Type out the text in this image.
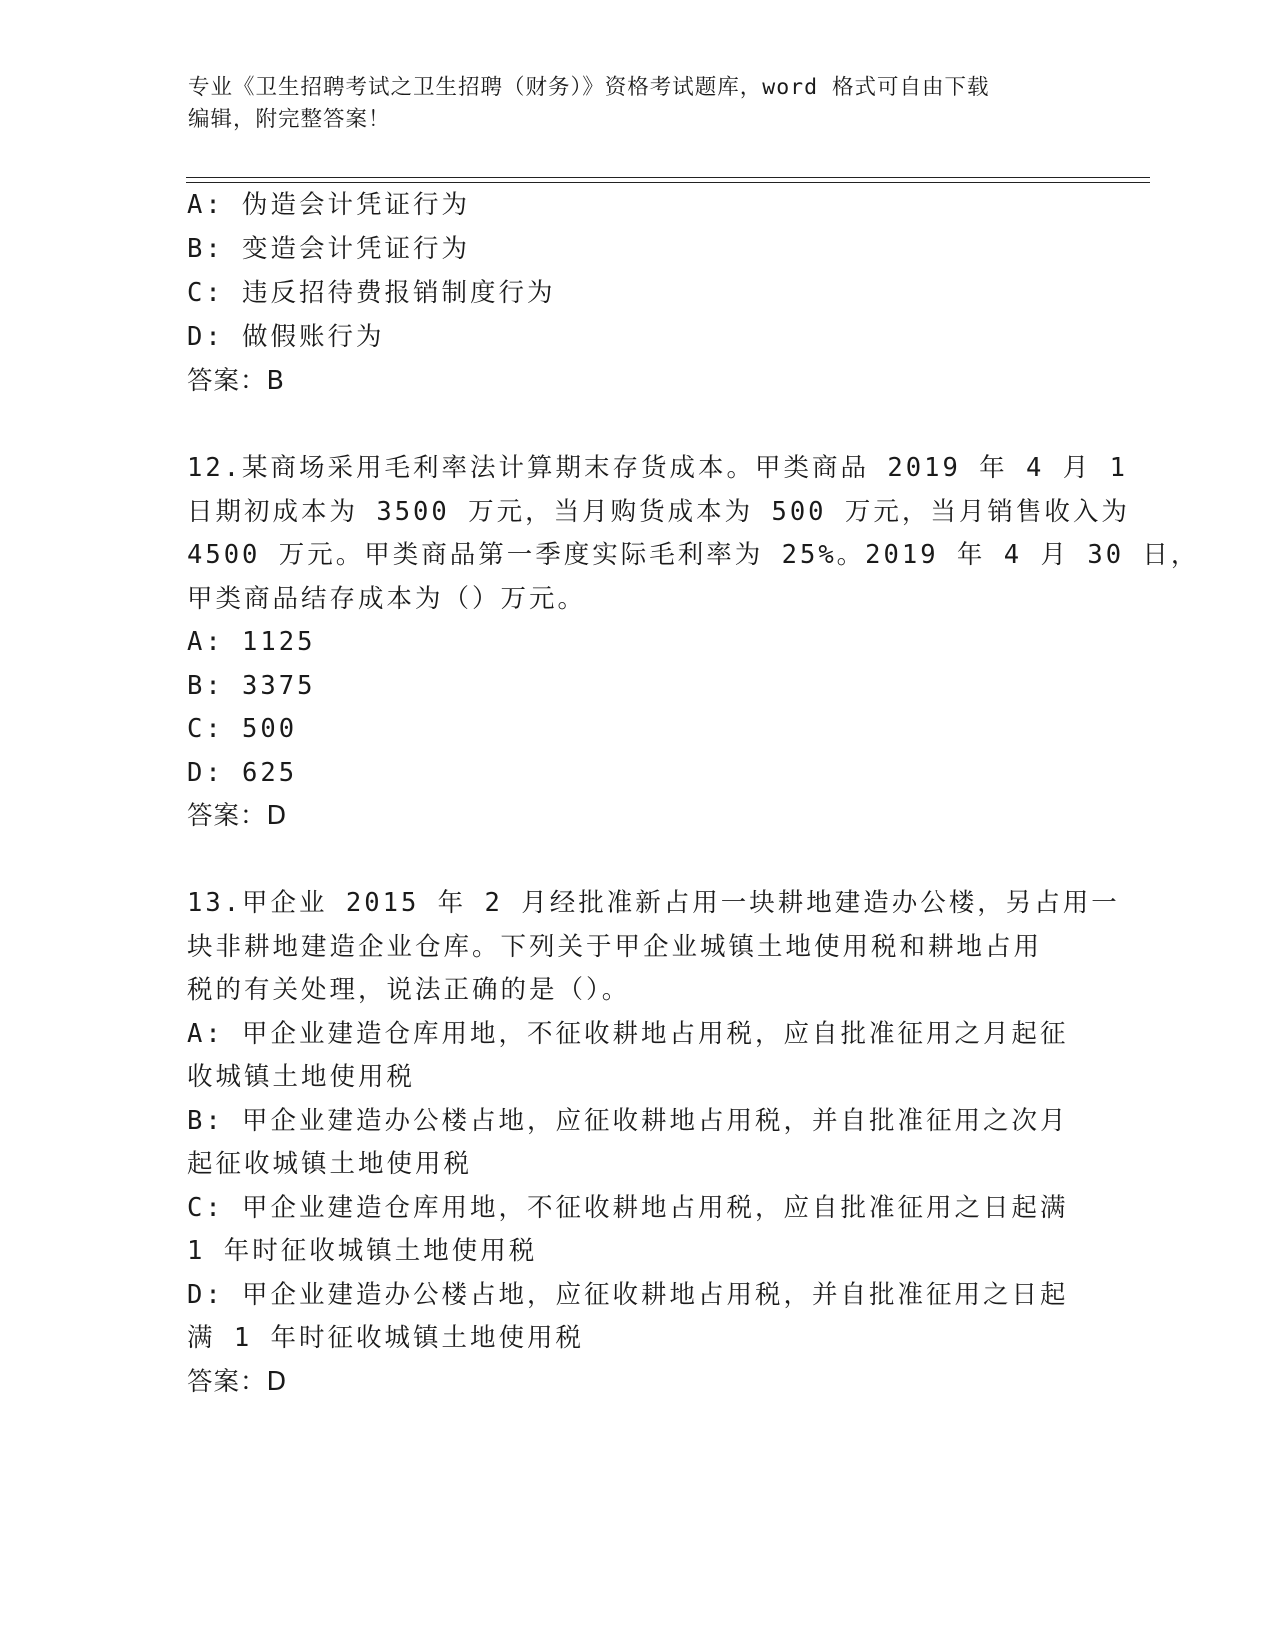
专业《卫生招聘考试之卫生招聘（财务）》资格考试题库，word 格式可自由下载
编辑，附完整答案！
A: 伪造会计凭证行为
B: 变造会计凭证行为
C: 违反招待费报销制度行为
D: 做假账行为
答案：B
12.某商场采用毛利率法计算期末存货成本。甲类商品 2019 年 4 月 1
日期初成本为 3500 万元，当月购货成本为 500 万元，当月销售收入为
4500 万元。甲类商品第一季度实际毛利率为 25%。2019 年 4 月 30 日，
甲类商品结存成本为（）万元。
A: 1125
B: 3375
C: 500
D: 625
答案：D
13.甲企业 2015 年 2 月经批准新占用一块耕地建造办公楼，另占用一
块非耕地建造企业仓库。下列关于甲企业城镇土地使用税和耕地占用
税的有关处理，说法正确的是（）。
A: 甲企业建造仓库用地，不征收耕地占用税，应自批准征用之月起征
收城镇土地使用税
B: 甲企业建造办公楼占地，应征收耕地占用税，并自批准征用之次月
起征收城镇土地使用税
C: 甲企业建造仓库用地，不征收耕地占用税，应自批准征用之日起满
1 年时征收城镇土地使用税
D: 甲企业建造办公楼占地，应征收耕地占用税，并自批准征用之日起
满 1 年时征收城镇土地使用税
答案：D
